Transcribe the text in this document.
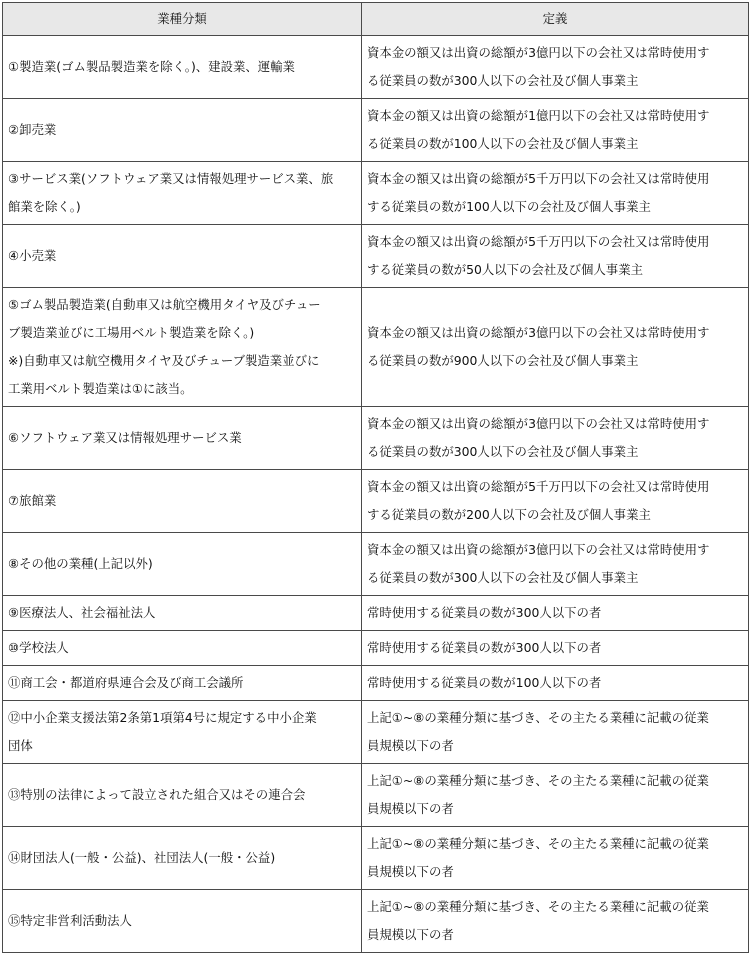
業種分類	定義

①製造業(ゴム製品製造業を除く。)、建設業、運輸業	資本金の額又は出資の総額が3億円以下の会社又は常時使用す
る従業員の数が300人以下の会社及び個人事業主

②卸売業	資本金の額又は出資の総額が1億円以下の会社又は常時使用す
る従業員の数が100人以下の会社及び個人事業主

③サービス業(ソフトウェア業又は情報処理サービス業、旅
館業を除く。)	資本金の額又は出資の総額が5千万円以下の会社又は常時使用
する従業員の数が100人以下の会社及び個人事業主

④小売業	資本金の額又は出資の総額が5千万円以下の会社又は常時使用
する従業員の数が50人以下の会社及び個人事業主

⑤ゴム製品製造業(自動車又は航空機用タイヤ及びチュー
ブ製造業並びに工場用ベルト製造業を除く。)
※)自動車又は航空機用タイヤ及びチューブ製造業並びに
工業用ベルト製造業は①に該当。	資本金の額又は出資の総額が3億円以下の会社又は常時使用す
る従業員の数が900人以下の会社及び個人事業主

⑥ソフトウェア業又は情報処理サービス業	資本金の額又は出資の総額が3億円以下の会社又は常時使用す
る従業員の数が300人以下の会社及び個人事業主

⑦旅館業	資本金の額又は出資の総額が5千万円以下の会社又は常時使用
する従業員の数が200人以下の会社及び個人事業主

⑧その他の業種(上記以外)	資本金の額又は出資の総額が3億円以下の会社又は常時使用す
る従業員の数が300人以下の会社及び個人事業主

⑨医療法人、社会福祉法人	常時使用する従業員の数が300人以下の者

⑩学校法人	常時使用する従業員の数が300人以下の者

⑪商工会・都道府県連合会及び商工会議所	常時使用する従業員の数が100人以下の者

⑫中小企業支援法第2条第1項第4号に規定する中小企業
団体	上記①~⑧の業種分類に基づき、その主たる業種に記載の従業
員規模以下の者

⑬特別の法律によって設立された組合又はその連合会	上記①~⑧の業種分類に基づき、その主たる業種に記載の従業
員規模以下の者

⑭財団法人(一般・公益)、社団法人(一般・公益)	上記①~⑧の業種分類に基づき、その主たる業種に記載の従業
員規模以下の者

⑮特定非営利活動法人	上記①~⑧の業種分類に基づき、その主たる業種に記載の従業
員規模以下の者
